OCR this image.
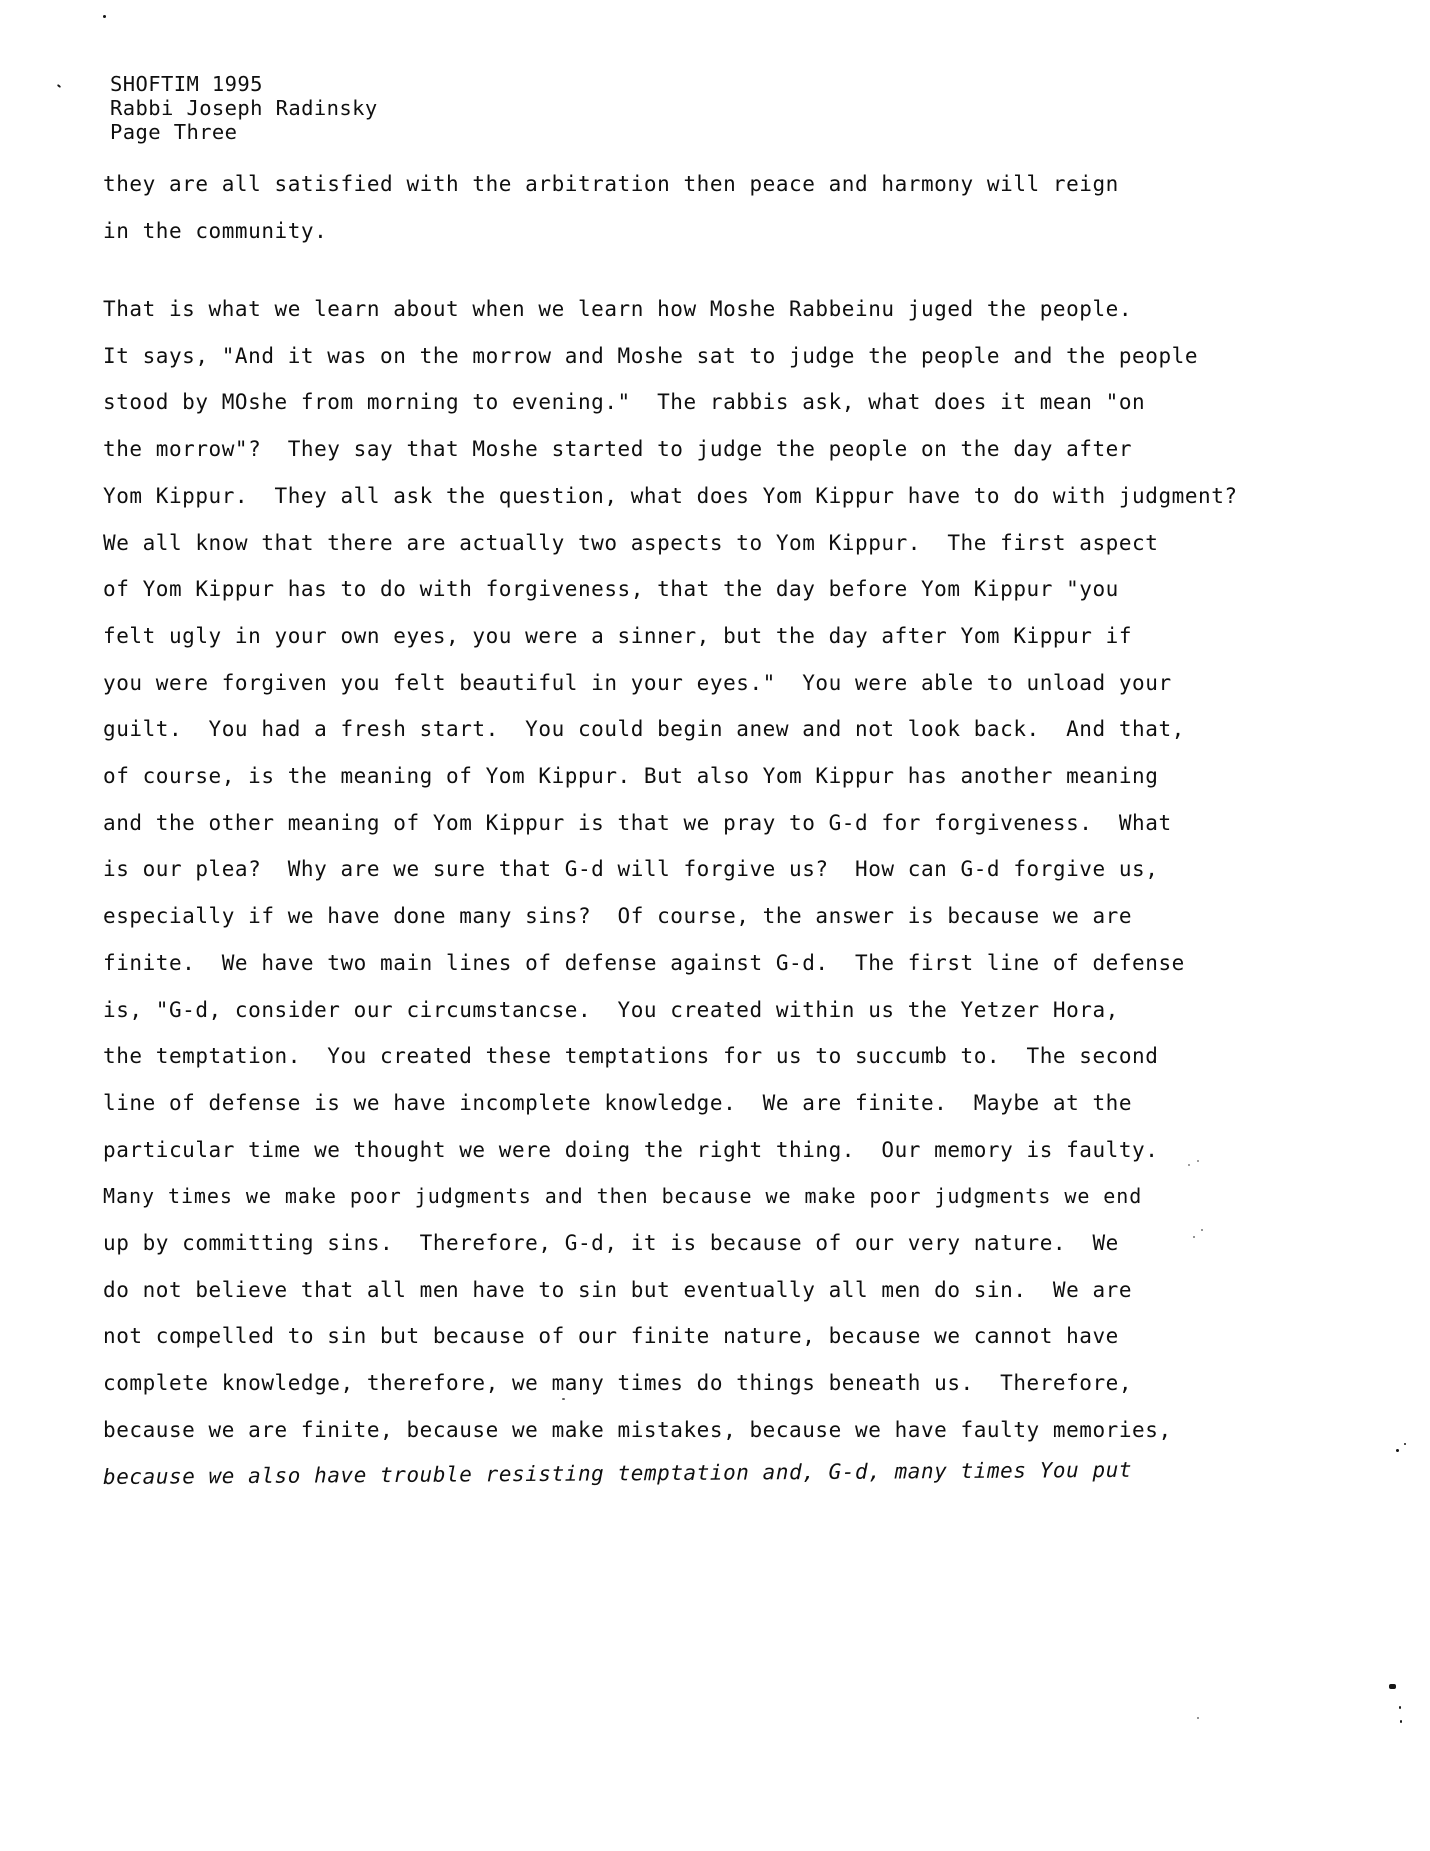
SHOFTIM 1995
Rabbi Joseph Radinsky
Page Three
they are all satisfied with the arbitration then peace and harmony will reign
in the community.
That is what we learn about when we learn how Moshe Rabbeinu juged the people.
It says, "And it was on the morrow and Moshe sat to judge the people and the people
stood by MOshe from morning to evening."  The rabbis ask, what does it mean "on
the morrow"?  They say that Moshe started to judge the people on the day after
Yom Kippur.  They all ask the question, what does Yom Kippur have to do with judgment?
We all know that there are actually two aspects to Yom Kippur.  The first aspect
of Yom Kippur has to do with forgiveness, that the day before Yom Kippur "you
felt ugly in your own eyes, you were a sinner, but the day after Yom Kippur if
you were forgiven you felt beautiful in your eyes."  You were able to unload your
guilt.  You had a fresh start.  You could begin anew and not look back.  And that,
of course, is the meaning of Yom Kippur. But also Yom Kippur has another meaning
and the other meaning of Yom Kippur is that we pray to G-d for forgiveness.  What
is our plea?  Why are we sure that G-d will forgive us?  How can G-d forgive us,
especially if we have done many sins?  Of course, the answer is because we are
finite.  We have two main lines of defense against G-d.  The first line of defense
is, "G-d, consider our circumstancse.  You created within us the Yetzer Hora,
the temptation.  You created these temptations for us to succumb to.  The second
line of defense is we have incomplete knowledge.  We are finite.  Maybe at the
particular time we thought we were doing the right thing.  Our memory is faulty.
Many times we make poor judgments and then because we make poor judgments we end
up by committing sins.  Therefore, G-d, it is because of our very nature.  We
do not believe that all men have to sin but eventually all men do sin.  We are
not compelled to sin but because of our finite nature, because we cannot have
complete knowledge, therefore, we many times do things beneath us.  Therefore,
because we are finite, because we make mistakes, because we have faulty memories,
because we also have trouble resisting temptation and, G-d, many times You put
